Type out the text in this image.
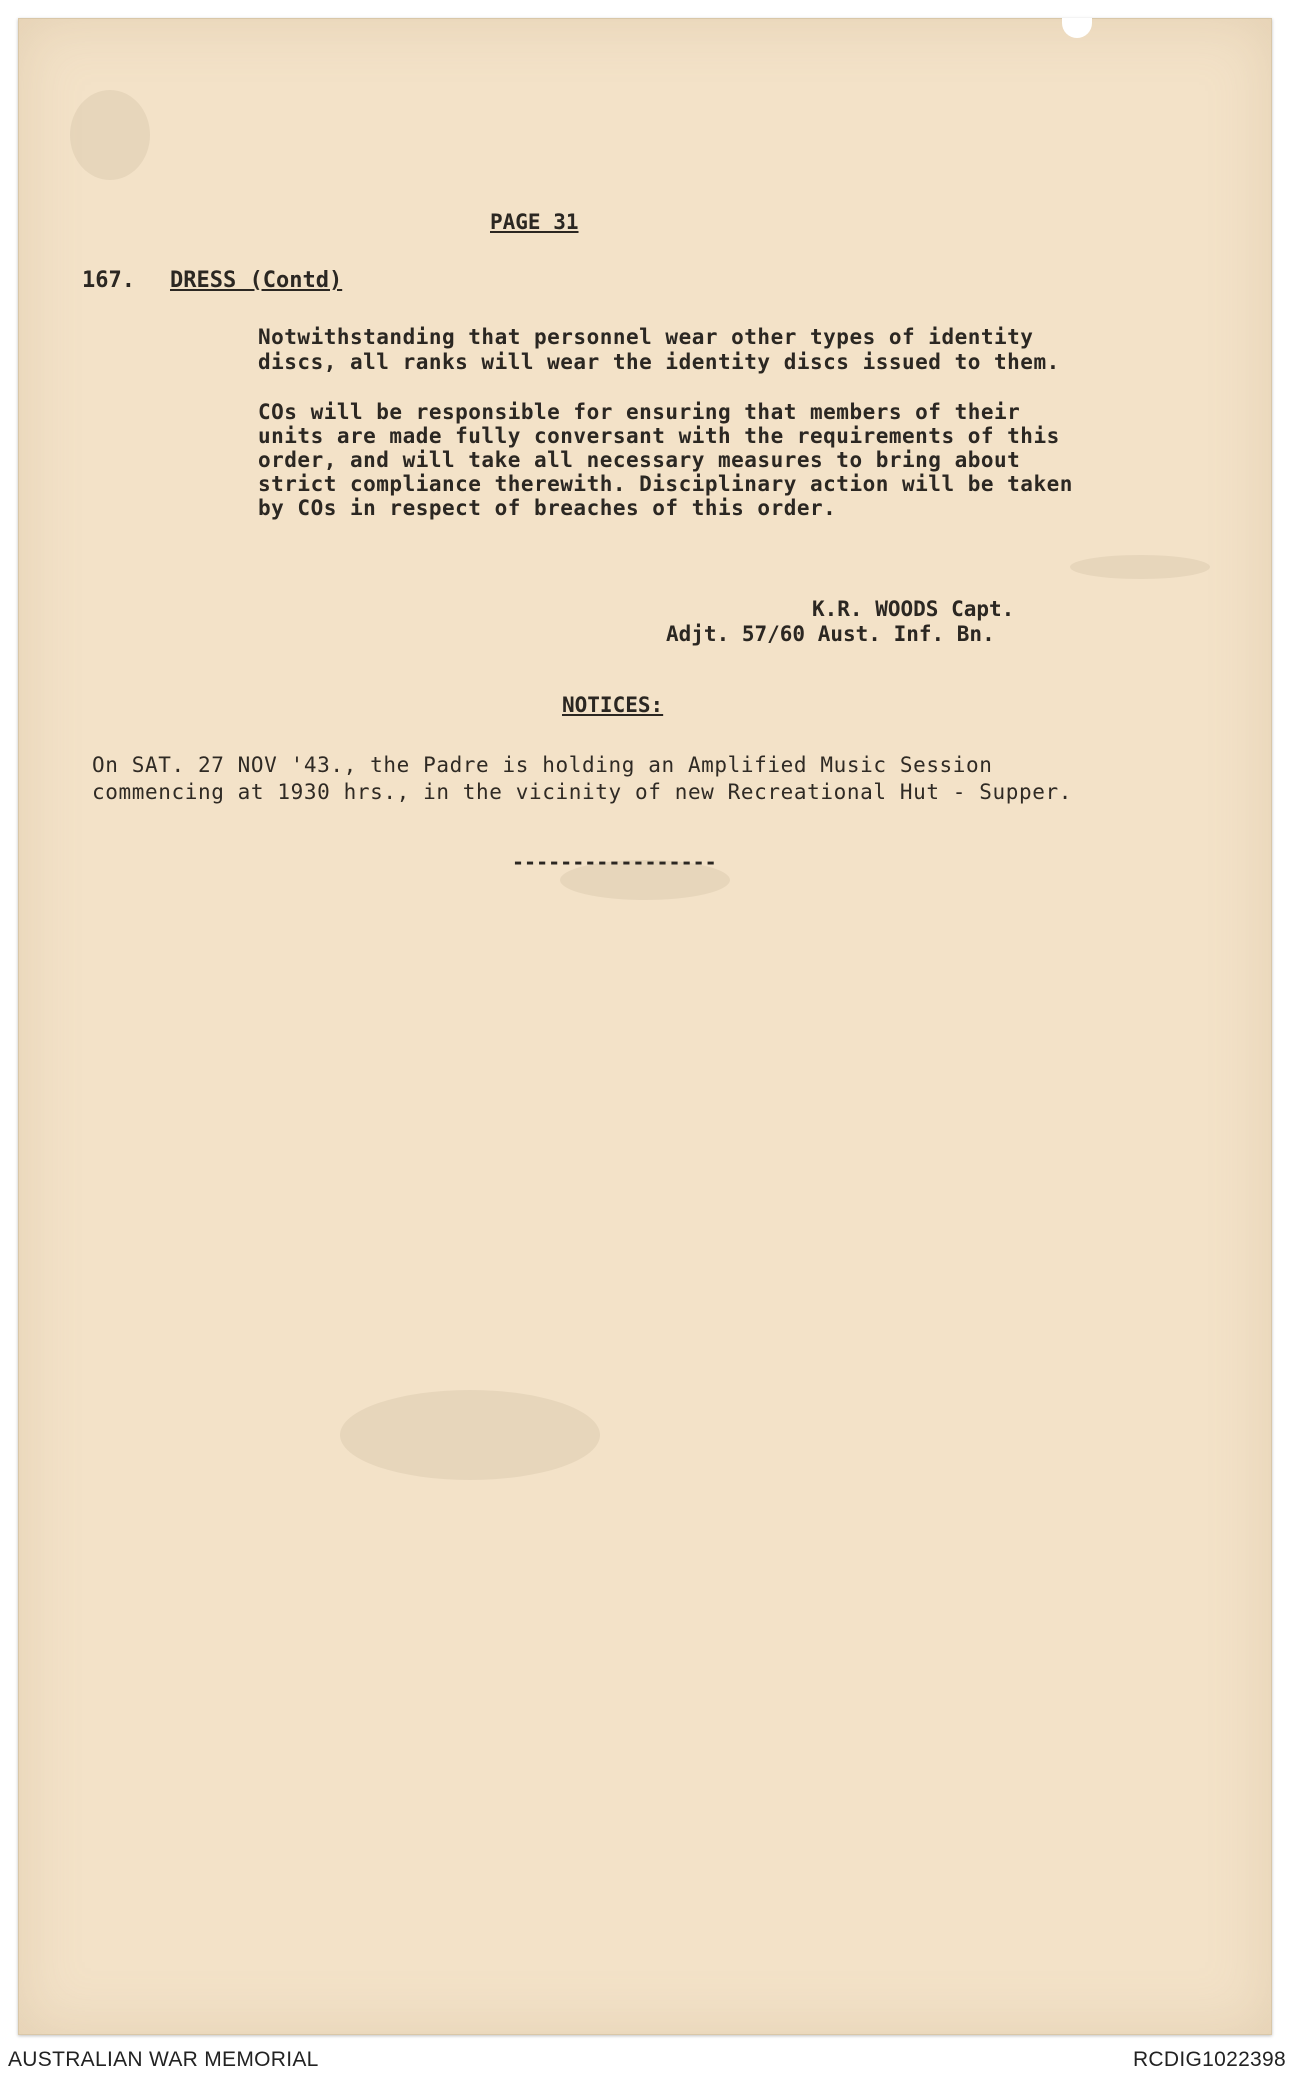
PAGE 31
167. DRESS (Contd)
Notwithstanding that personnel wear other types of identity
discs, all ranks will wear the identity discs issued to them.
COs will be responsible for ensuring that members of their
units are made fully conversant with the requirements of this
order, and will take all necessary measures to bring about
strict compliance therewith. Disciplinary action will be taken
by COs in respect of breaches of this order.
K.R. WOODS Capt.
Adjt. 57/60 Aust. Inf. Bn.
NOTICES:
On SAT. 27 NOV '43., the Padre is holding an Amplified Music Session
commencing at 1930 hrs., in the vicinity of new Recreational Hut - Supper.
-----------------
AUSTRALIAN WAR MEMORIAL	RCDIG1022398
